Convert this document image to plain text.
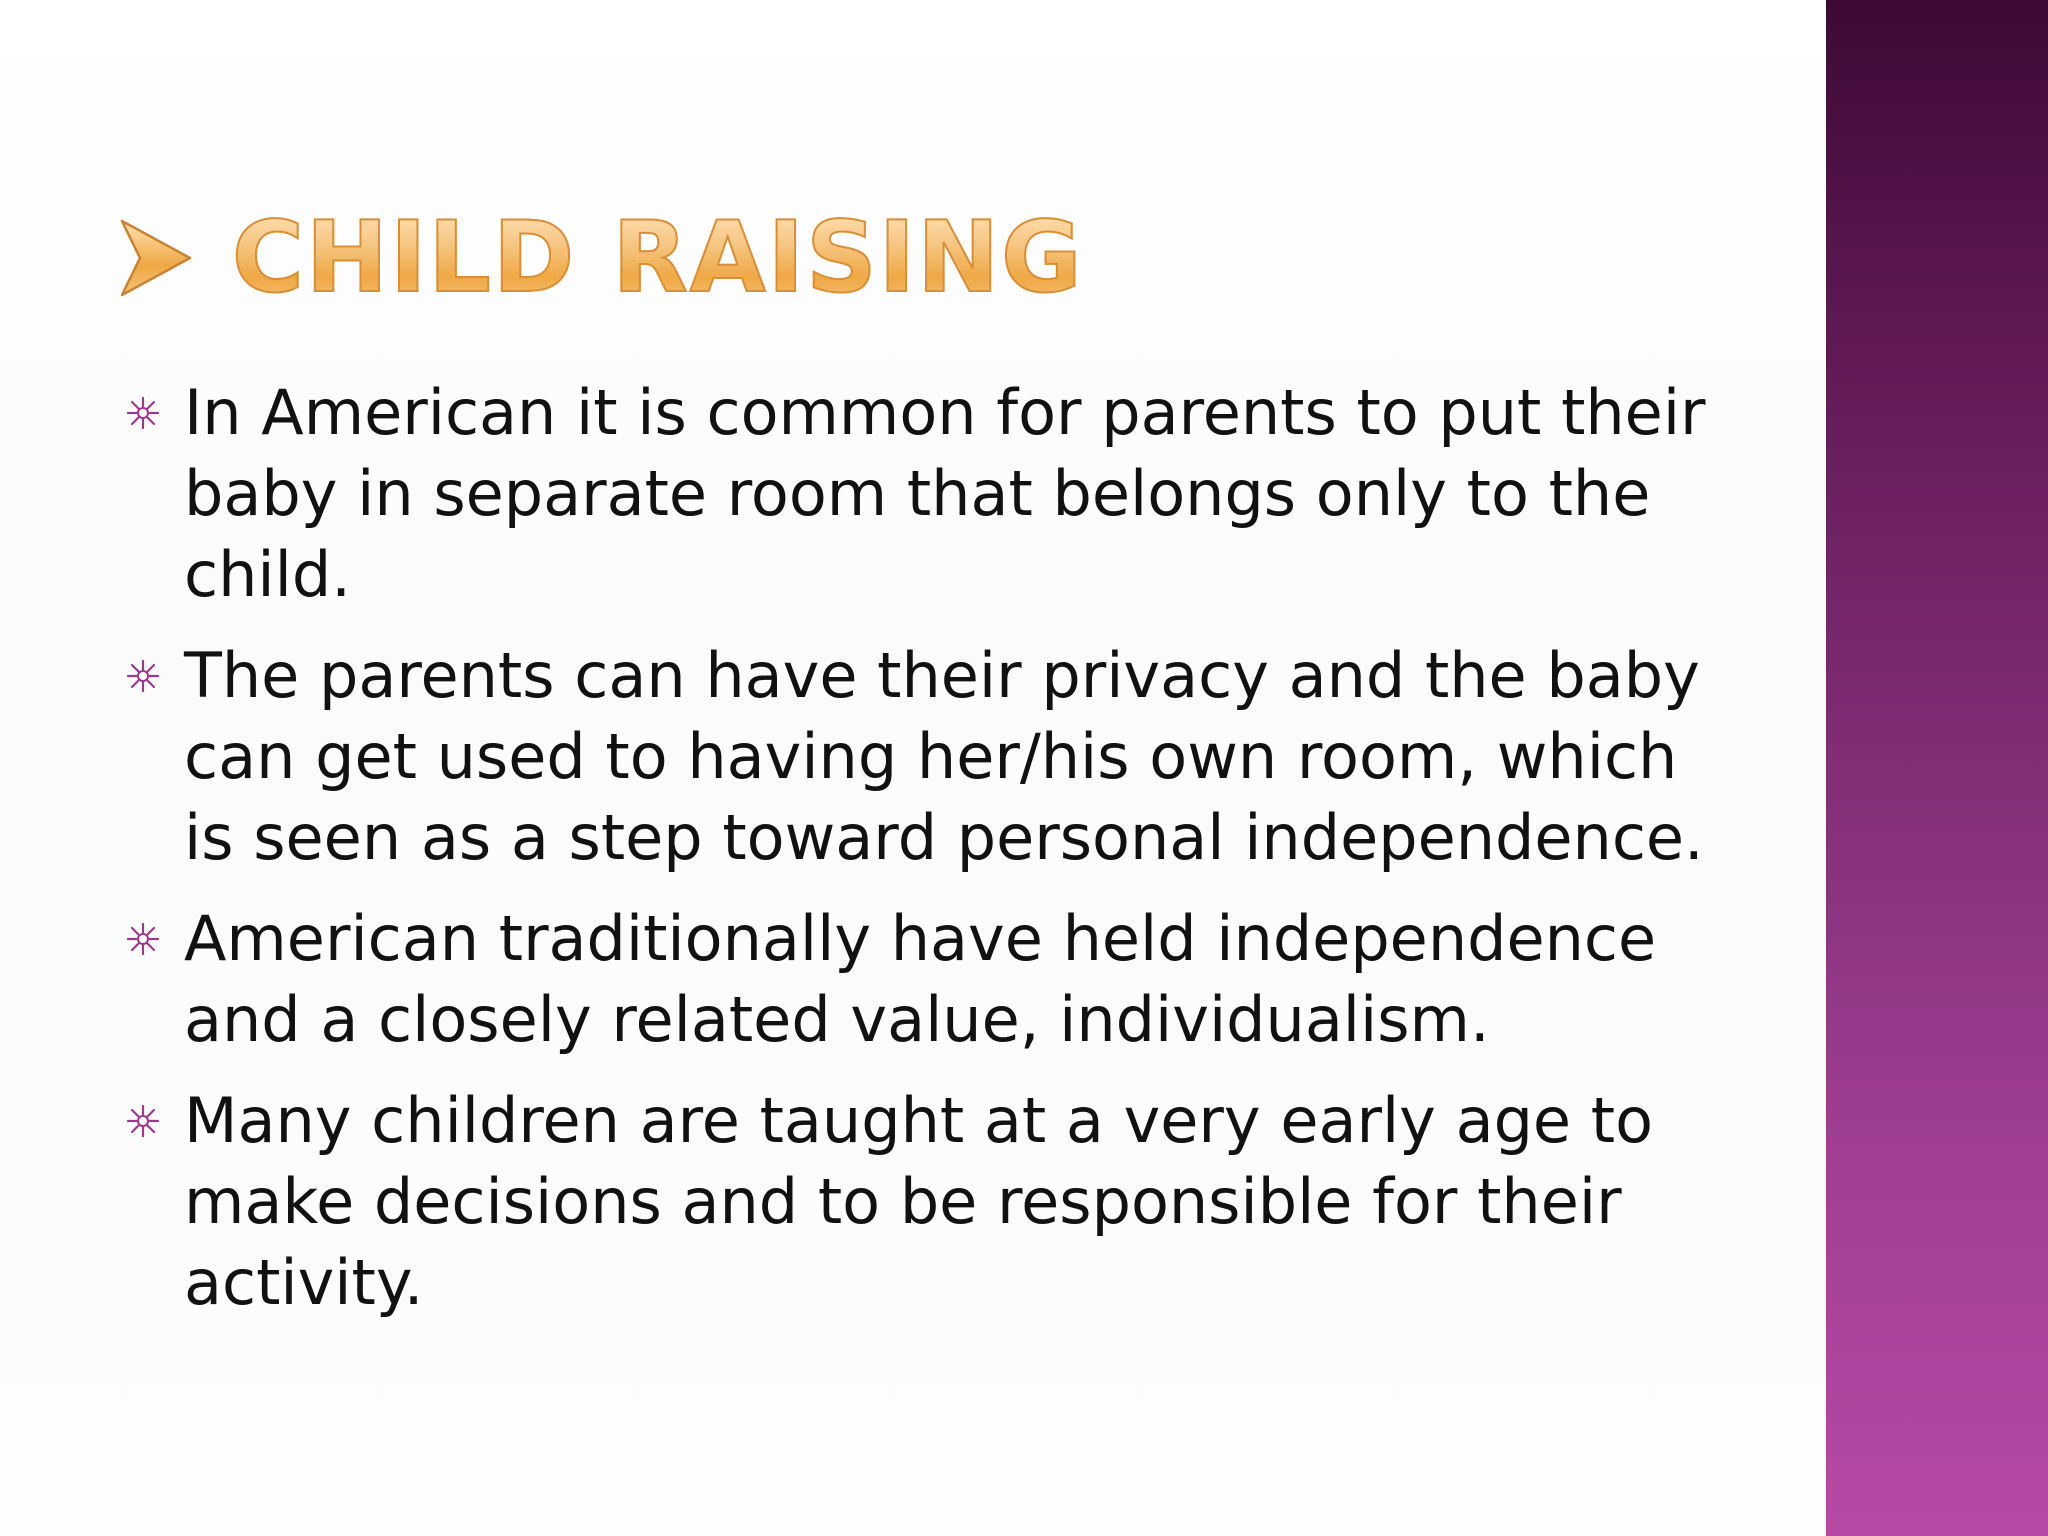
CHILD RAISING
In American it is common for parents to put their baby in separate room that belongs only to the child.
The parents can have their privacy and the baby can get used to having her/his own room, which is seen as a step toward personal independence.
American traditionally have held independence and a closely related value, individualism.
Many children are taught at a very early age to make decisions and to be responsible for their activity.
